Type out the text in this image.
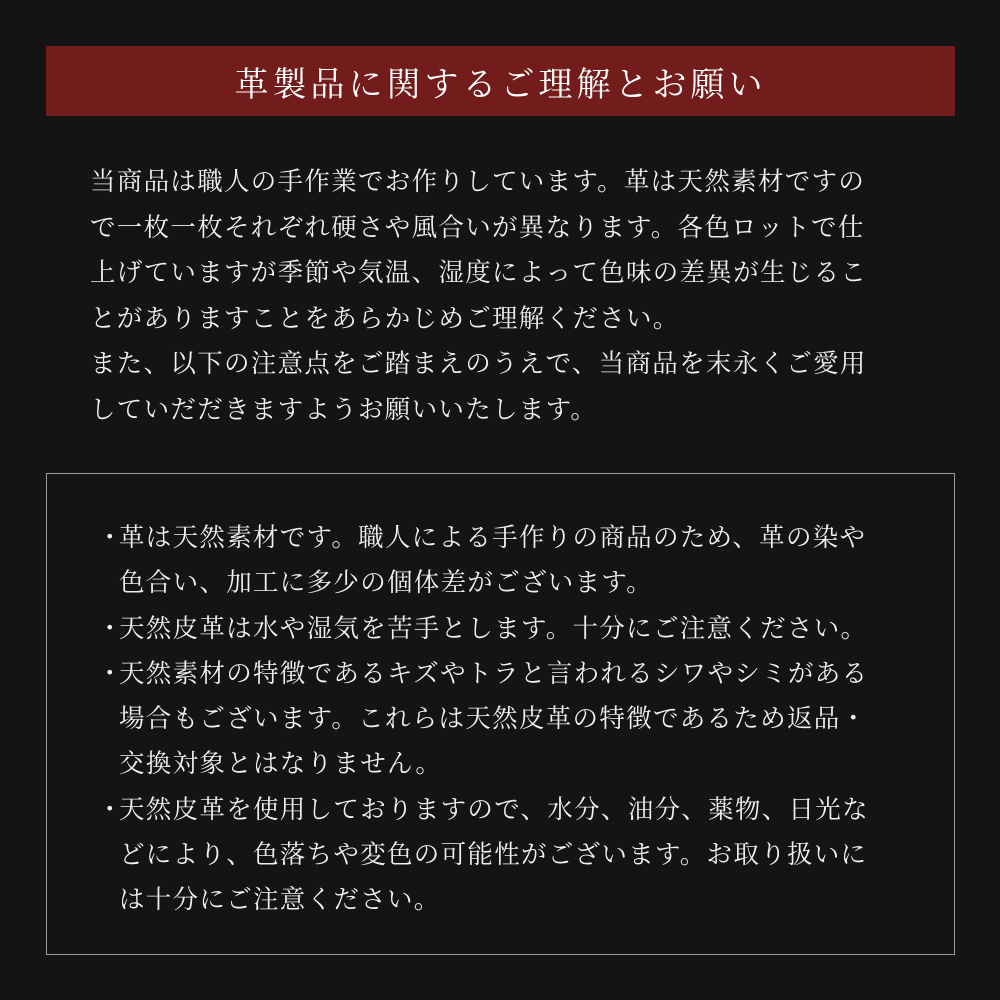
革製品に関するご理解とお願い

当商品は職人の手作業でお作りしています。革は天然素材ですの

で一枚一枚それぞれ硬さや風合いが異なります。各色ロットで仕

上げていますが季節や気温、湿度によって色味の差異が生じるこ

とがありますことをあらかじめご理解ください。

また、以下の注意点をご踏まえのうえで、当商品を末永くご愛用

していだだきますようお願いいたします。

・
革は天然素材です。職人による手作りの商品のため、革の染や
色合い、加工に多少の個体差がございます。
・
天然皮革は水や湿気を苦手とします。十分にご注意ください。
・
天然素材の特徴であるキズやトラと言われるシワやシミがある
場合もございます。これらは天然皮革の特徴であるため返品・
交換対象とはなりません。
・
天然皮革を使用しておりますので、水分、油分、薬物、日光な
どにより、色落ちや変色の可能性がございます。お取り扱いに
は十分にご注意ください。
